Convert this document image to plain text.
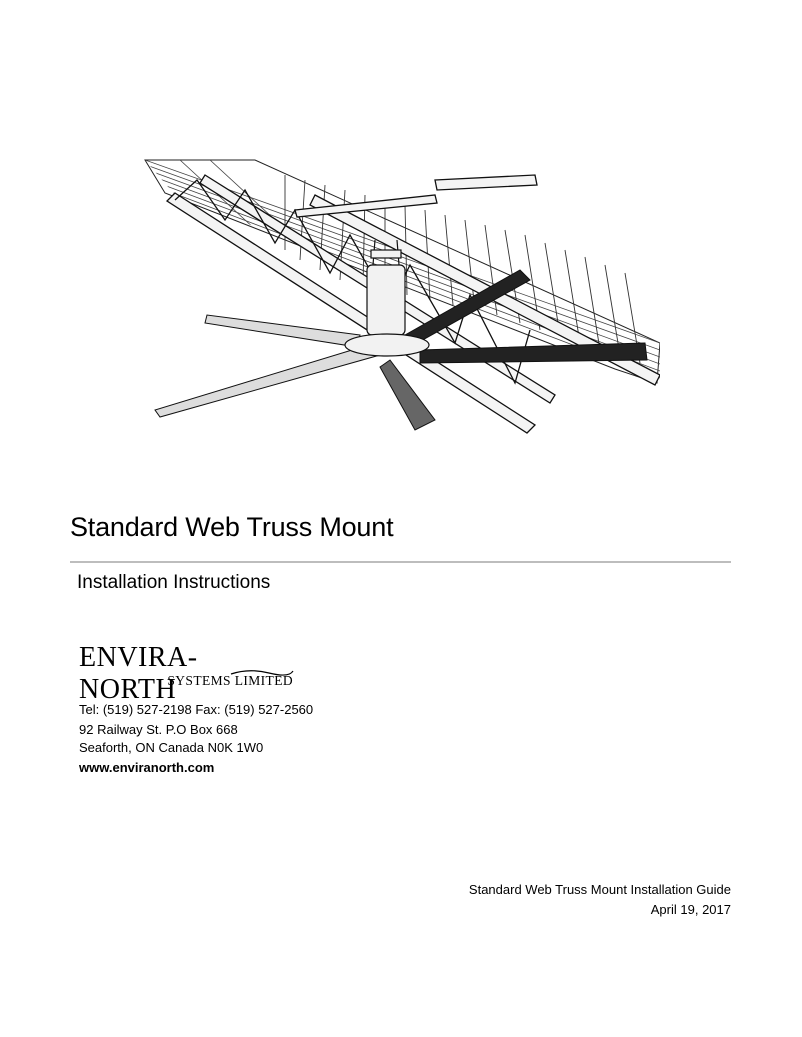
Standard Web Truss Mount
Installation Instructions
ENVIRA-NORTH
SYSTEMS LIMITED
Tel: (519) 527-2198 Fax: (519) 527-2560
92 Railway St. P.O Box 668
Seaforth, ON Canada N0K 1W0
www.enviranorth.com
Standard Web Truss Mount Installation Guide
April 19, 2017
